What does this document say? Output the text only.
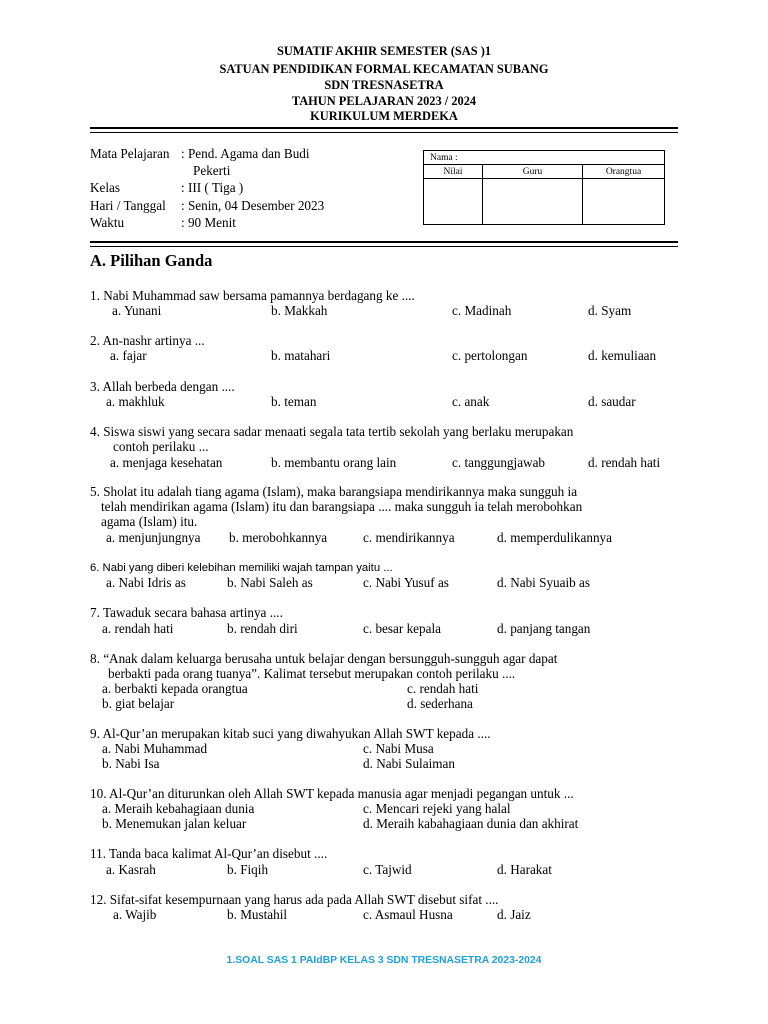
SUMATIF AKHIR SEMESTER (SAS )1
SATUAN PENDIDIKAN FORMAL KECAMATAN SUBANG
SDN TRESNASETRA
TAHUN PELAJARAN 2023 / 2024
KURIKULUM MERDEKA
Mata Pelajaran : Pend. Agama dan Budi
Pekerti
Kelas	: III ( Tiga )
Hari / Tanggal : Senin, 04 Desember 2023
Waktu	: 90 Menit
Nama :		
Nilai	Guru	Orangtua

A. Pilihan Ganda
1. Nabi Muhammad saw bersama pamannya berdagang ke ....
a. Yunani	b. Makkah	c. Madinah	d. Syam
2. An-nashr artinya ...
a. fajar	b. matahari	c. pertolongan	d. kemuliaan
3. Allah berbeda dengan ....
a. makhluk	b. teman	c. anak	d. saudar
4. Siswa siswi yang secara sadar menaati segala tata tertib sekolah yang berlaku merupakan
contoh perilaku ...
a. menjaga kesehatan	b. membantu orang lain	c. tanggungjawab	d. rendah hati
5. Sholat itu adalah tiang agama (Islam), maka barangsiapa mendirikannya maka sungguh ia
telah mendirikan agama (Islam) itu dan barangsiapa .... maka sungguh ia telah merobohkan
agama (Islam) itu.
a. menjunjungnya b. merobohkannya	c. mendirikannya	d. memperdulikannya
6. Nabi yang diberi kelebihan memiliki wajah tampan yaitu ...
a. Nabi Idris as	b. Nabi Saleh as	c. Nabi Yusuf as	d. Nabi Syuaib as
7. Tawaduk secara bahasa artinya ....
a. rendah hati	b. rendah diri	c. besar kepala	d. panjang tangan
8. “Anak dalam keluarga berusaha untuk belajar dengan bersungguh-sungguh agar dapat
berbakti pada orang tuanya”. Kalimat tersebut merupakan contoh perilaku ....
a. berbakti kepada orangtua	c. rendah hati
b. giat belajar	d. sederhana
9. Al-Qur’an merupakan kitab suci yang diwahyukan Allah SWT kepada ....
a. Nabi Muhammad	c. Nabi Musa
b. Nabi Isa	d. Nabi Sulaiman
10. Al-Qur’an diturunkan oleh Allah SWT kepada manusia agar menjadi pegangan untuk ...
a. Meraih kebahagiaan dunia	c. Mencari rejeki yang halal
b. Menemukan jalan keluar	d. Meraih kabahagiaan dunia dan akhirat
11. Tanda baca kalimat Al-Qur’an disebut ....
a. Kasrah	b. Fiqih	c. Tajwid	d. Harakat
12. Sifat-sifat kesempurnaan yang harus ada pada Allah SWT disebut sifat ....
a. Wajib	b. Mustahil	c. Asmaul Husna	d. Jaiz
1.SOAL SAS 1 PAIdBP KELAS 3 SDN TRESNASETRA 2023-2024
